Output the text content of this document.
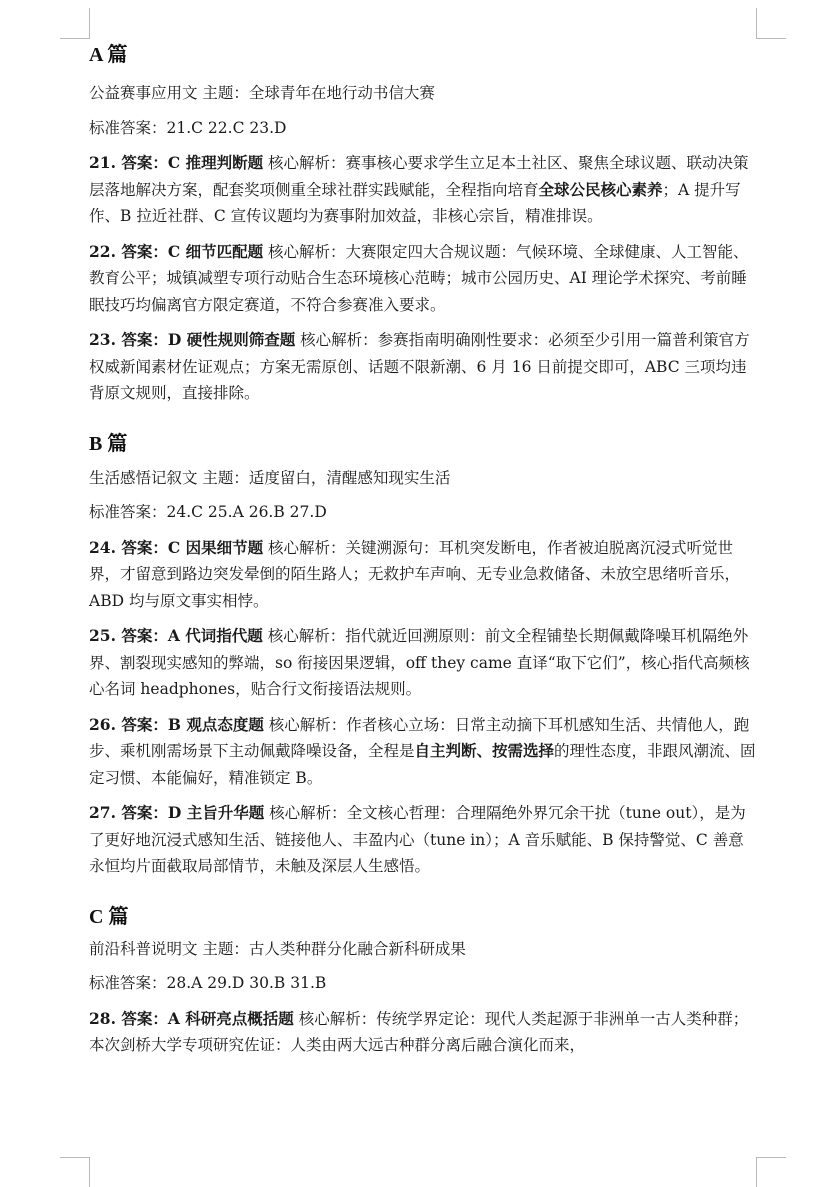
A 篇

公益赛事应用文 主题：全球青年在地行动书信大赛

标准答案：21.C 22.C 23.D

21. 答案：C 推理判断题 核心解析：赛事核心要求学生立足本土社区、聚焦全球议题、联动决策层落地解决方案，配套奖项侧重全球社群实践赋能，全程指向培育全球公民核心素养；A 提升写作、B 拉近社群、C 宣传议题均为赛事附加效益，非核心宗旨，精准排误。

22. 答案：C 细节匹配题 核心解析：大赛限定四大合规议题：气候环境、全球健康、人工智能、教育公平；城镇减塑专项行动贴合生态环境核心范畴；城市公园历史、AI 理论学术探究、考前睡眠技巧均偏离官方限定赛道，不符合参赛准入要求。

23. 答案：D 硬性规则筛查题 核心解析：参赛指南明确刚性要求：必须至少引用一篇普利策官方权威新闻素材佐证观点；方案无需原创、话题不限新潮、6 月 16 日前提交即可，ABC 三项均违背原文规则，直接排除。

B 篇

生活感悟记叙文 主题：适度留白，清醒感知现实生活

标准答案：24.C 25.A 26.B 27.D

24. 答案：C 因果细节题 核心解析：关键溯源句：耳机突发断电，作者被迫脱离沉浸式听觉世界，才留意到路边突发晕倒的陌生路人；无救护车声响、无专业急救储备、未放空思绪听音乐，ABD 均与原文事实相悖。

25. 答案：A 代词指代题 核心解析：指代就近回溯原则：前文全程铺垫长期佩戴降噪耳机隔绝外界、割裂现实感知的弊端，so 衔接因果逻辑，off they came 直译“取下它们”，核心指代高频核心名词 headphones，贴合行文衔接语法规则。

26. 答案：B 观点态度题 核心解析：作者核心立场：日常主动摘下耳机感知生活、共情他人，跑步、乘机刚需场景下主动佩戴降噪设备，全程是自主判断、按需选择的理性态度，非跟风潮流、固定习惯、本能偏好，精准锁定 B。

27. 答案：D 主旨升华题 核心解析：全文核心哲理：合理隔绝外界冗余干扰（tune out），是为了更好地沉浸式感知生活、链接他人、丰盈内心（tune in）；A 音乐赋能、B 保持警觉、C 善意永恒均片面截取局部情节，未触及深层人生感悟。

C 篇

前沿科普说明文 主题：古人类种群分化融合新科研成果

标准答案：28.A 29.D 30.B 31.B

28. 答案：A 科研亮点概括题 核心解析：传统学界定论：现代人类起源于非洲单一古人类种群；本次剑桥大学专项研究佐证：人类由两大远古种群分离后融合演化而来，
